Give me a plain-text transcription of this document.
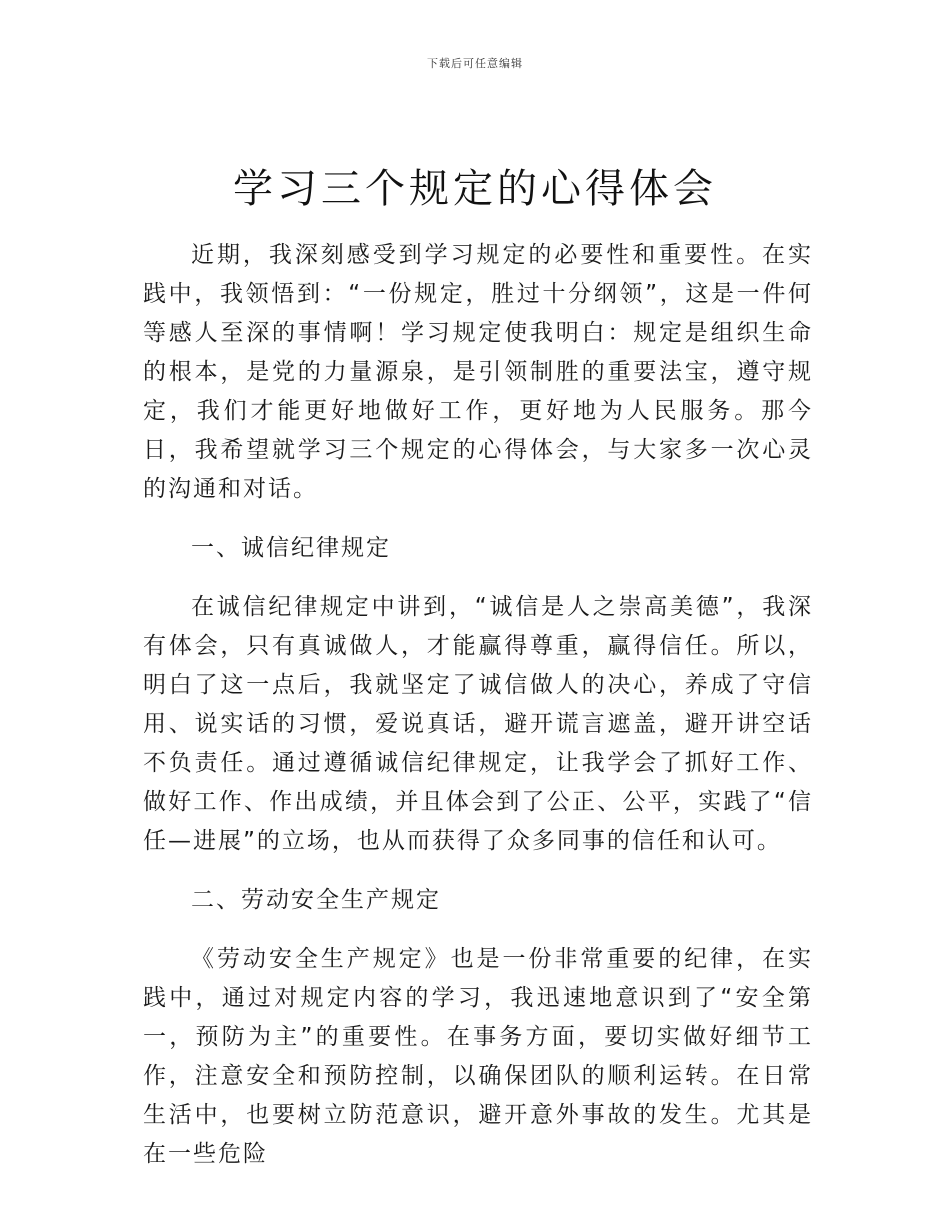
下载后可任意编辑
学习三个规定的心得体会

近期，我深刻感受到学习规定的必要性和重要性。在实践中，我领悟到：“一份规定，胜过十分纲领”，这是一件何等感人至深的事情啊！学习规定使我明白：规定是组织生命的根本，是党的力量源泉，是引领制胜的重要法宝，遵守规定，我们才能更好地做好工作，更好地为人民服务。那今日，我希望就学习三个规定的心得体会，与大家多一次心灵的沟通和对话。

一、诚信纪律规定

在诚信纪律规定中讲到，“诚信是人之崇高美德”，我深有体会，只有真诚做人，才能赢得尊重，赢得信任。所以，明白了这一点后，我就坚定了诚信做人的决心，养成了守信用、说实话的习惯，爱说真话，避开谎言遮盖，避开讲空话不负责任。通过遵循诚信纪律规定，让我学会了抓好工作、做好工作、作出成绩，并且体会到了公正、公平，实践了“信任—进展”的立场，也从而获得了众多同事的信任和认可。

二、劳动安全生产规定

《劳动安全生产规定》也是一份非常重要的纪律，在实践中，通过对规定内容的学习，我迅速地意识到了“安全第一，预防为主”的重要性。在事务方面，要切实做好细节工作，注意安全和预防控制，以确保团队的顺利运转。在日常生活中，也要树立防范意识，避开意外事故的发生。尤其是在一些危险
